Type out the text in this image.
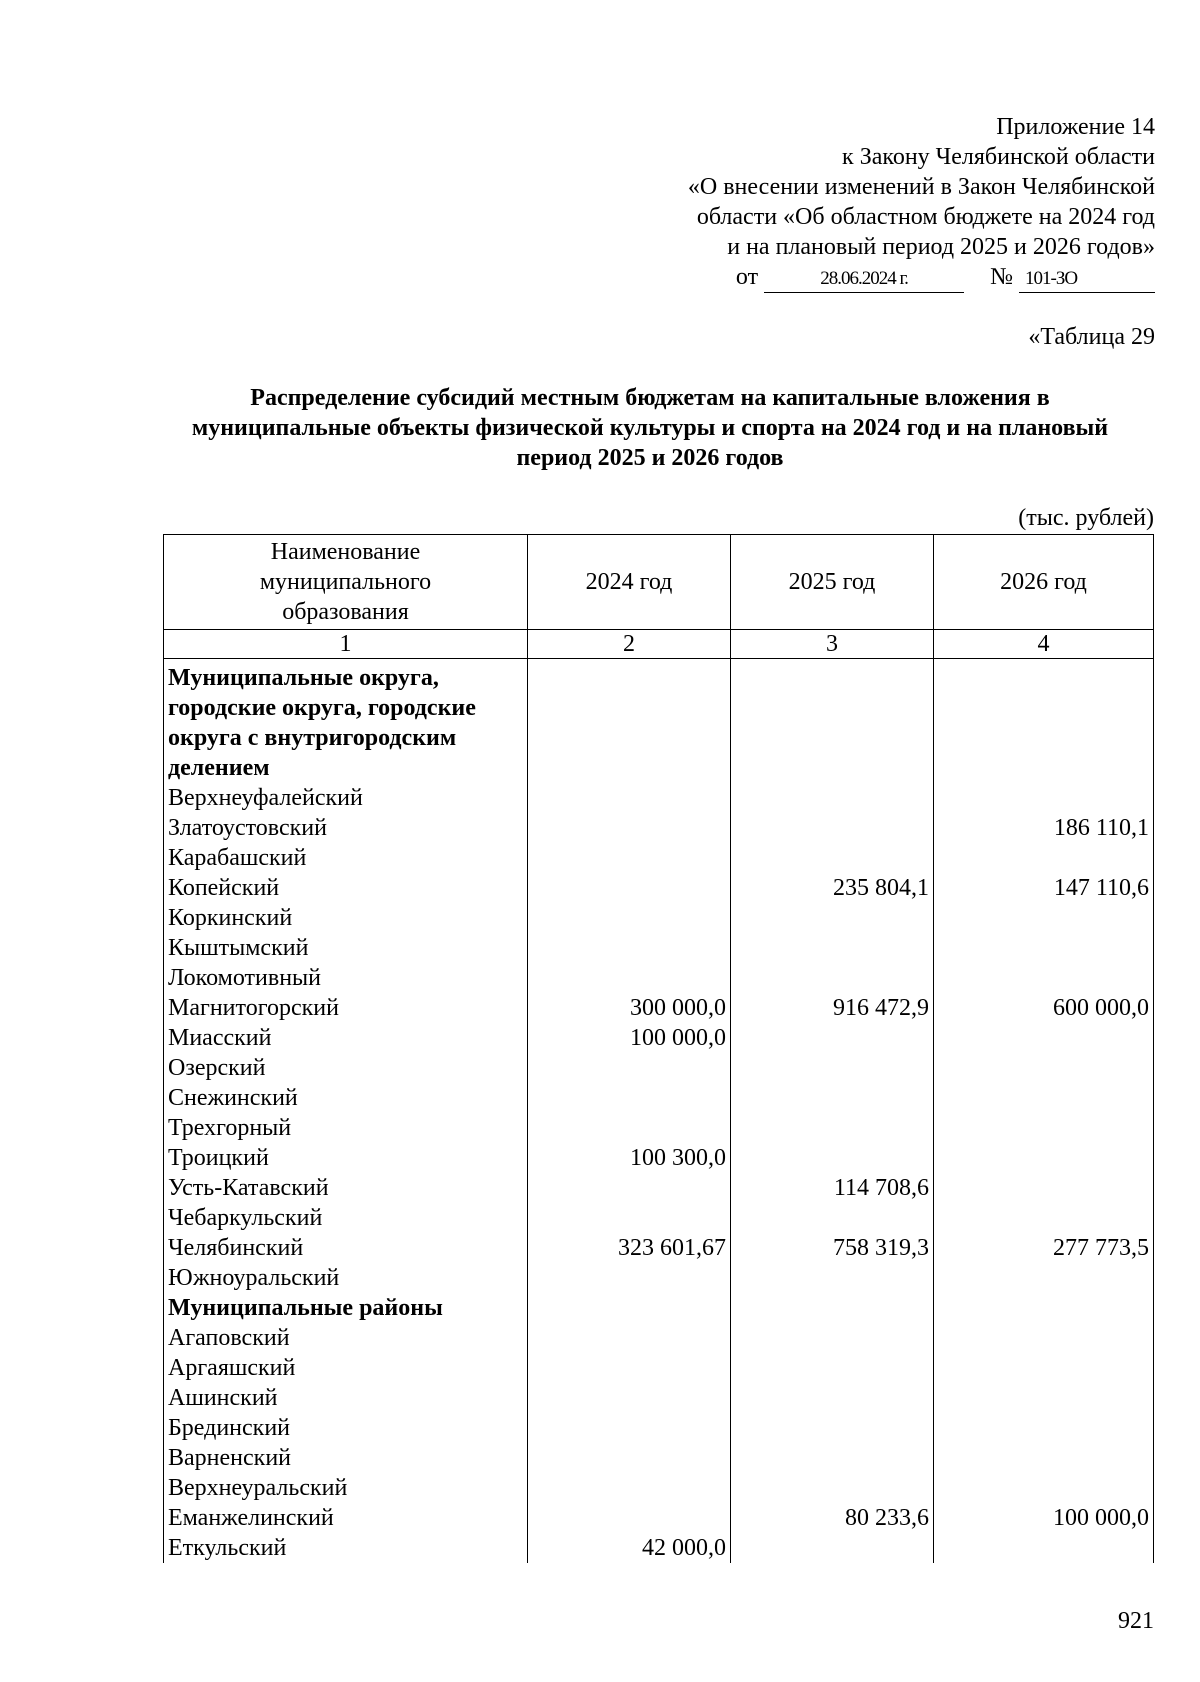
Приложение 14
к Закону Челябинской области
«О внесении изменений в Закон Челябинской
области «Об областном бюджете на 2024 год
и на плановый период 2025 и 2026 годов»
от	28.06.2024 г.	№ 101-ЗО
«Таблица 29
Распределение субсидий местным бюджетам на капитальные вложения в муниципальные объекты физической культуры и спорта на 2024 год и на плановый период 2025 и 2026 годов
(тыс. рублей)
Наименование муниципального образования	2024 год	2025 год	2026 год
1	2	3	4
Муниципальные округа, городские округа, городские округа с внутригородским делением			
Верхнеуфалейский			
Златоустовский			186 110,1
Карабашский			
Копейский		235 804,1	147 110,6
Коркинский			
Кыштымский			
Локомотивный			
Магнитогорский	300 000,0	916 472,9	600 000,0
Миасский	100 000,0		
Озерский			
Снежинский			
Трехгорный			
Троицкий	100 300,0		
Усть-Катавский		114 708,6	
Чебаркульский			
Челябинский	323 601,67	758 319,3	277 773,5
Южноуральский			
Муниципальные районы			
Агаповский			
Аргаяшский			
Ашинский			
Брединский			
Варненский			
Верхнеуральский			
Еманжелинский		80 233,6	100 000,0
Еткульский	42 000,0		
921
